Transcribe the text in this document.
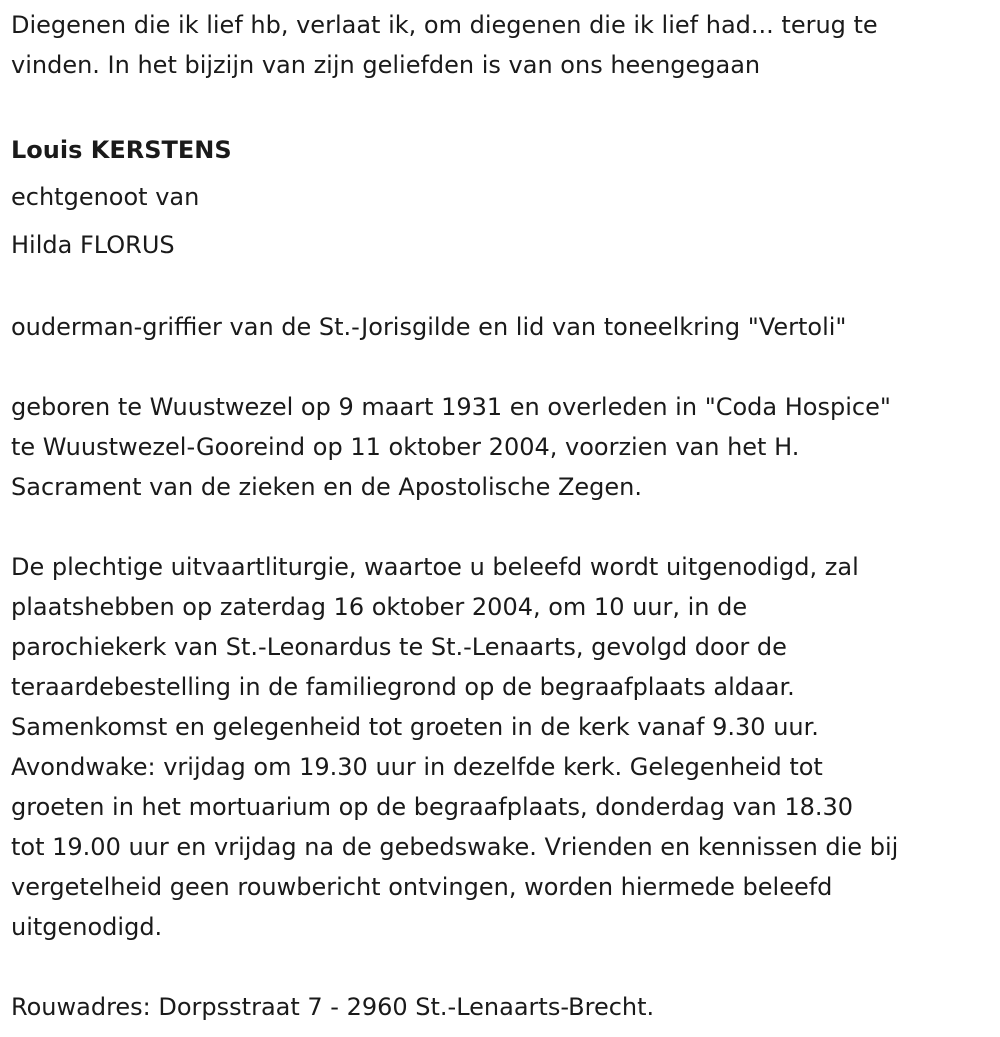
Diegenen die ik lief hb, verlaat ik, om diegenen die ik lief had... terug te
vinden. In het bijzijn van zijn geliefden is van ons heengegaan

Louis KERSTENS

echtgenoot van

Hilda FLORUS

ouderman-griffier van de St.-Jorisgilde en lid van toneelkring "Vertoli"

geboren te Wuustwezel op 9 maart 1931 en overleden in "Coda Hospice"
te Wuustwezel-Gooreind op 11 oktober 2004, voorzien van het H.
Sacrament van de zieken en de Apostolische Zegen.

De plechtige uitvaartliturgie, waartoe u beleefd wordt uitgenodigd, zal
plaatshebben op zaterdag 16 oktober 2004, om 10 uur, in de
parochiekerk van St.-Leonardus te St.-Lenaarts, gevolgd door de
teraardebestelling in de familiegrond op de begraafplaats aldaar.
Samenkomst en gelegenheid tot groeten in de kerk vanaf 9.30 uur.
Avondwake: vrijdag om 19.30 uur in dezelfde kerk. Gelegenheid tot
groeten in het mortuarium op de begraafplaats, donderdag van 18.30
tot 19.00 uur en vrijdag na de gebedswake. Vrienden en kennissen die bij
vergetelheid geen rouwbericht ontvingen, worden hiermede beleefd
uitgenodigd.

Rouwadres: Dorpsstraat 7 - 2960 St.-Lenaarts-Brecht.
